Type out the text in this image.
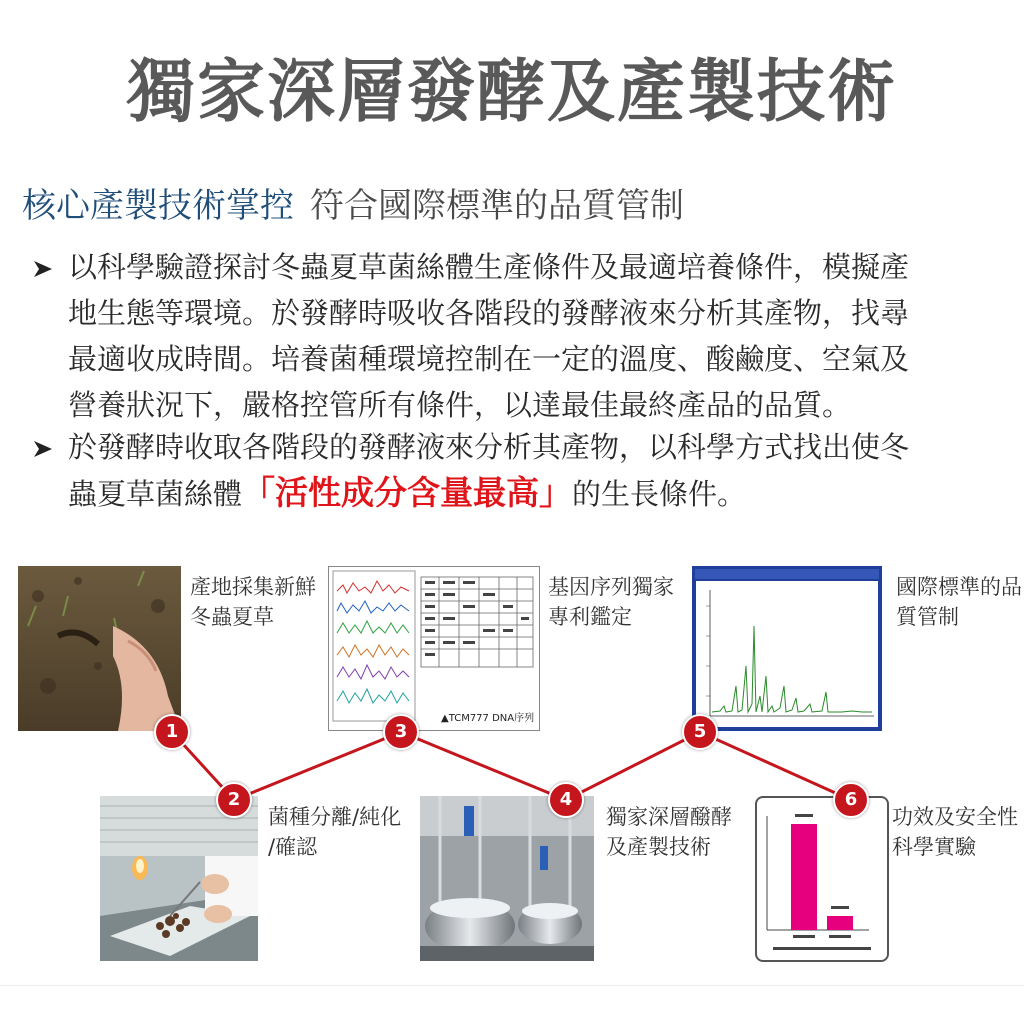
獨家深層發酵及產製技術
核心產製技術掌控 符合國際標準的品質管制
以科學驗證探討冬蟲夏草菌絲體生產條件及最適培養條件，模擬產
地生態等環境。於發酵時吸收各階段的發酵液來分析其產物，找尋
最適收成時間。培養菌種環境控制在一定的溫度、酸鹼度、空氣及
營養狀況下，嚴格控管所有條件，以達最佳最終產品的品質。
於發酵時收取各階段的發酵液來分析其產物，以科學方式找出使冬
蟲夏草菌絲體「活性成分含量最高」的生長條件。
產地採集新鮮
冬蟲夏草
▲TCM777 DNA序列
基因序列獨家
專利鑑定
國際標準的品
質管制
菌種分離/純化
/確認
獨家深層醱酵
及產製技術
功效及安全性
科學實驗
1
2
3
4
5
6
